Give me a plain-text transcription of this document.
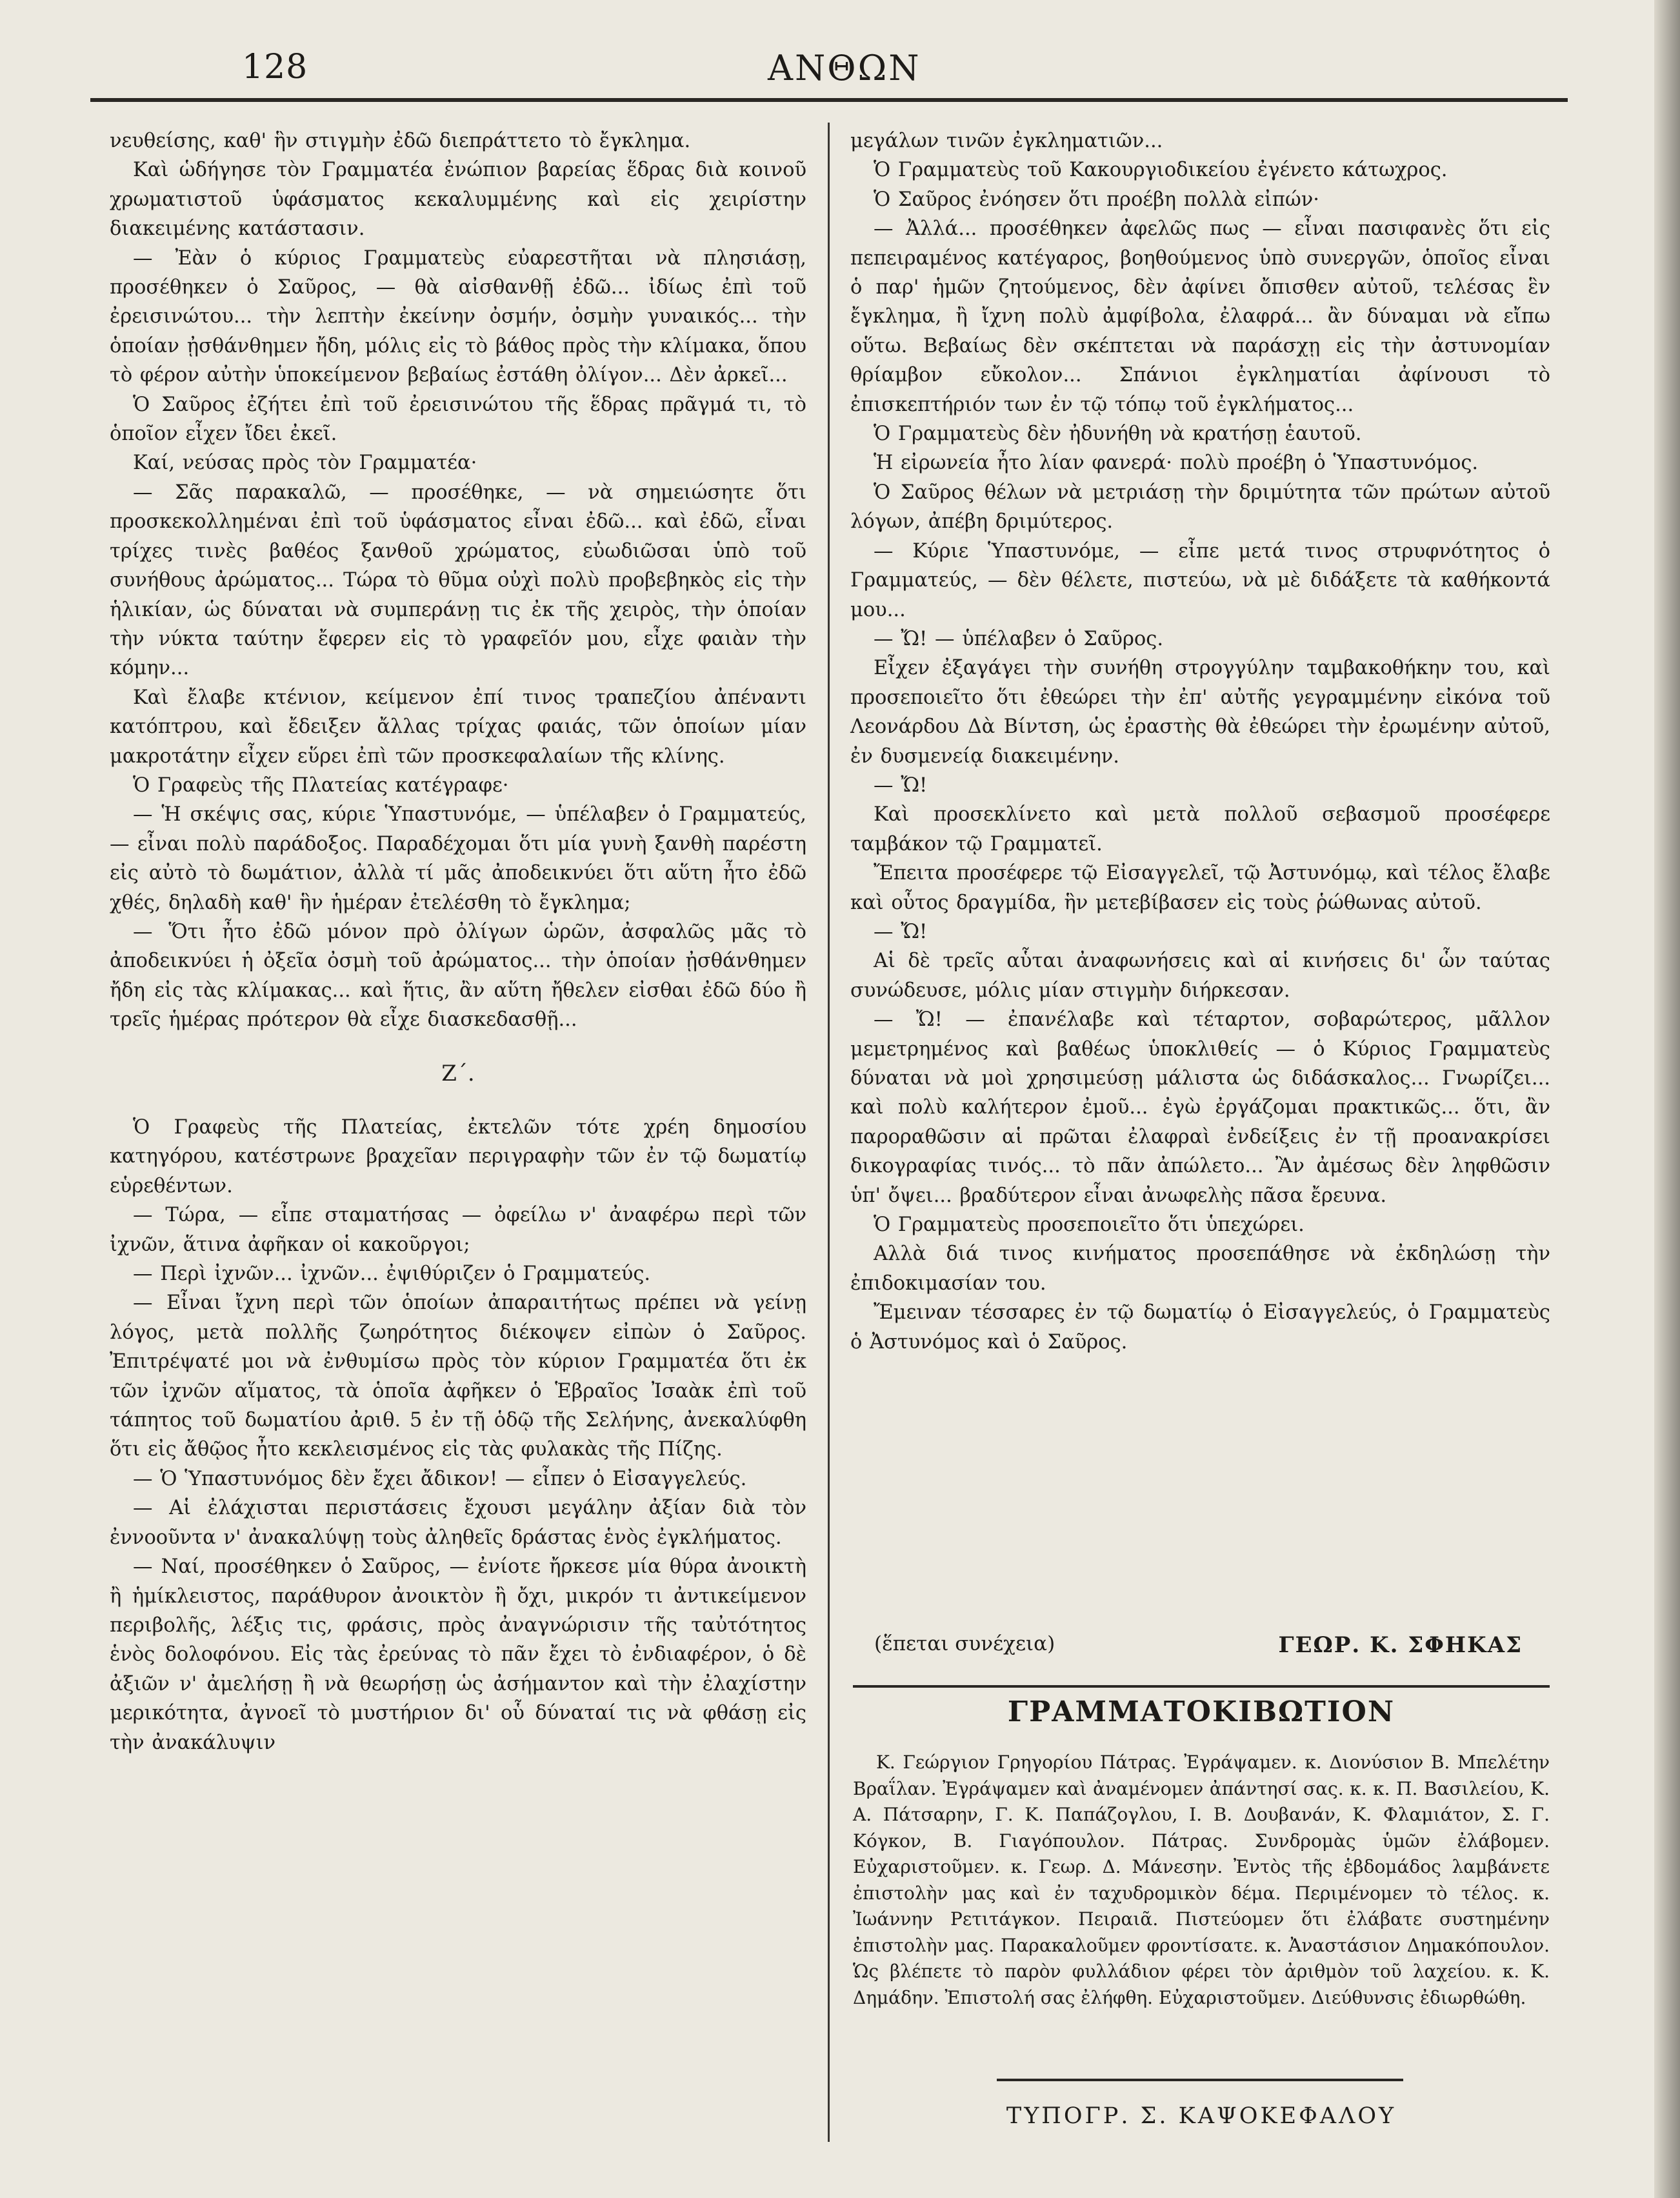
128	ΑΝΘΩΝ

νευθείσης, καθ' ἣν στιγμὴν ἐδῶ διεπράττετο τὸ ἔγκλημα.

Καὶ ὡδήγησε τὸν Γραμματέα ἐνώπιον βαρείας ἕδρας διὰ κοινοῦ χρωματιστοῦ ὑφάσματος κεκαλυμμένης καὶ εἰς χειρίστην διακειμένης κατάστασιν.

— Ἐὰν ὁ κύριος Γραμματεὺς εὐαρεστῆται νὰ πλησιάσῃ, προσέθηκεν ὁ Σαῦρος, — θὰ αἰσθανθῇ ἐδῶ... ἰδίως ἐπὶ τοῦ ἐρεισινώτου... τὴν λεπτὴν ἐκείνην ὀσμήν, ὀσμὴν γυναικός... τὴν ὁποίαν ᾐσθάνθημεν ἤδη, μόλις εἰς τὸ βάθος πρὸς τὴν κλίμακα, ὅπου τὸ φέρον αὐτὴν ὑποκείμενον βεβαίως ἐστάθη ὀλίγον... Δὲν ἀρκεῖ...

Ὁ Σαῦρος ἐζήτει ἐπὶ τοῦ ἐρεισινώτου τῆς ἕδρας πρᾶγμά τι, τὸ ὁποῖον εἶχεν ἴδει ἐκεῖ.

Καί, νεύσας πρὸς τὸν Γραμματέα·

— Σᾶς παρακαλῶ, — προσέθηκε, — νὰ σημειώσητε ὅτι προσκεκολλημέναι ἐπὶ τοῦ ὑφάσματος εἶναι ἐδῶ... καὶ ἐδῶ, εἶναι τρίχες τινὲς βαθέος ξανθοῦ χρώματος, εὐωδιῶσαι ὑπὸ τοῦ συνήθους ἀρώματος... Τώρα τὸ θῦμα οὐχὶ πολὺ προβεβηκὸς εἰς τὴν ἡλικίαν, ὡς δύναται νὰ συμπεράνῃ τις ἐκ τῆς χειρὸς, τὴν ὁποίαν τὴν νύκτα ταύτην ἔφερεν εἰς τὸ γραφεῖόν μου, εἶχε φαιὰν τὴν κόμην...

Καὶ ἔλαβε κτένιον, κείμενον ἐπί τινος τραπεζίου ἀπέναντι κατόπτρου, καὶ ἔδειξεν ἄλλας τρίχας φαιάς, τῶν ὁποίων μίαν μακροτάτην εἶχεν εὕρει ἐπὶ τῶν προσκεφαλαίων τῆς κλίνης.

Ὁ Γραφεὺς τῆς Πλατείας κατέγραφε·

— Ἡ σκέψις σας, κύριε Ὑπαστυνόμε, — ὑπέλαβεν ὁ Γραμματεύς, — εἶναι πολὺ παράδοξος. Παραδέχομαι ὅτι μία γυνὴ ξανθὴ παρέστη εἰς αὐτὸ τὸ δωμάτιον, ἀλλὰ τί μᾶς ἀποδεικνύει ὅτι αὕτη ἦτο ἐδῶ χθές, δηλαδὴ καθ' ἣν ἡμέραν ἐτελέσθη τὸ ἔγκλημα;

— Ὅτι ἦτο ἐδῶ μόνον πρὸ ὀλίγων ὡρῶν, ἀσφαλῶς μᾶς τὸ ἀποδεικνύει ἡ ὀξεῖα ὀσμὴ τοῦ ἀρώματος... τὴν ὁποίαν ᾐσθάνθημεν ἤδη εἰς τὰς κλίμακας... καὶ ἥτις, ἂν αὕτη ἤθελεν εἰσθαι ἐδῶ δύο ἢ τρεῖς ἡμέρας πρότερον θὰ εἶχε διασκεδασθῇ...

Ζ΄.

Ὁ Γραφεὺς τῆς Πλατείας, ἐκτελῶν τότε χρέη δημοσίου κατηγόρου, κατέστρωνε βραχεῖαν περιγραφὴν τῶν ἐν τῷ δωματίῳ εὑρεθέντων.

— Τώρα, — εἶπε σταματήσας — ὀφείλω ν' ἀναφέρω περὶ τῶν ἰχνῶν, ἅτινα ἀφῆκαν οἱ κακοῦργοι;

— Περὶ ἰχνῶν... ἰχνῶν... ἐψιθύριζεν ὁ Γραμματεύς.

— Εἶναι ἴχνη περὶ τῶν ὁποίων ἀπαραιτήτως πρέπει νὰ γείνῃ λόγος, μετὰ πολλῆς ζωηρότητος διέκοψεν εἰπὼν ὁ Σαῦρος. Ἐπιτρέψατέ μοι νὰ ἐνθυμίσω πρὸς τὸν κύριον Γραμματέα ὅτι ἐκ τῶν ἰχνῶν αἵματος, τὰ ὁποῖα ἀφῆκεν ὁ Ἑβραῖος Ἰσαὰκ ἐπὶ τοῦ τάπητος τοῦ δωματίου ἀριθ. 5 ἐν τῇ ὁδῷ τῆς Σελήνης, ἀνεκαλύφθη ὅτι εἰς ἄθῷος ἦτο κεκλεισμένος εἰς τὰς φυλακὰς τῆς Πίζης.

— Ὁ Ὑπαστυνόμος δὲν ἔχει ἄδικον! — εἶπεν ὁ Εἰσαγγελεύς.

— Αἱ ἐλάχισται περιστάσεις ἔχουσι μεγάλην ἀξίαν διὰ τὸν ἐννοοῦντα ν' ἀνακαλύψῃ τοὺς ἀληθεῖς δράστας ἑνὸς ἐγκλήματος.

— Ναί, προσέθηκεν ὁ Σαῦρος, — ἐνίοτε ἤρκεσε μία θύρα ἀνοικτὴ ἢ ἡμίκλειστος, παράθυρον ἀνοικτὸν ἢ ὄχι, μικρόν τι ἀντικείμενον περιβολῆς, λέξις τις, φράσις, πρὸς ἀναγνώρισιν τῆς ταὐτότητος ἑνὸς δολοφόνου. Εἰς τὰς ἐρεύνας τὸ πᾶν ἔχει τὸ ἐνδιαφέρον, ὁ δὲ ἀξιῶν ν' ἀμελήσῃ ἢ νὰ θεωρήσῃ ὡς ἀσήμαντον καὶ τὴν ἐλαχίστην μερικότητα, ἀγνοεῖ τὸ μυστήριον δι' οὗ δύναταί τις νὰ φθάσῃ εἰς τὴν ἀνακάλυψιν

μεγάλων τινῶν ἐγκληματιῶν...

Ὁ Γραμματεὺς τοῦ Κακουργιοδικείου ἐγένετο κάτωχρος.

Ὁ Σαῦρος ἐνόησεν ὅτι προέβη πολλὰ εἰπών·

— Ἀλλά... προσέθηκεν ἀφελῶς πως — εἶναι πασιφανὲς ὅτι εἰς πεπειραμένος κατέγαρος, βοηθούμενος ὑπὸ συνεργῶν, ὁποῖος εἶναι ὁ παρ' ἡμῶν ζητούμενος, δὲν ἀφίνει ὄπισθεν αὐτοῦ, τελέσας ἓν ἔγκλημα, ἢ ἴχνη πολὺ ἀμφίβολα, ἐλαφρά... ἂν δύναμαι νὰ εἴπω οὕτω. Βεβαίως δὲν σκέπτεται νὰ παράσχῃ εἰς τὴν ἀστυνομίαν θρίαμβον εὔκολον... Σπάνιοι ἐγκληματίαι ἀφίνουσι τὸ ἐπισκεπτήριόν των ἐν τῷ τόπῳ τοῦ ἐγκλήματος...

Ὁ Γραμματεὺς δὲν ἠδυνήθη νὰ κρατήσῃ ἑαυτοῦ.

Ἡ εἰρωνεία ἦτο λίαν φανερά· πολὺ προέβη ὁ Ὑπαστυνόμος.

Ὁ Σαῦρος θέλων νὰ μετριάσῃ τὴν δριμύτητα τῶν πρώτων αὐτοῦ λόγων, ἀπέβη δριμύτερος.

— Κύριε Ὑπαστυνόμε, — εἶπε μετά τινος στρυφνότητος ὁ Γραμματεύς, — δὲν θέλετε, πιστεύω, νὰ μὲ διδάξετε τὰ καθήκοντά μου...

— Ὤ! — ὑπέλαβεν ὁ Σαῦρος.

Εἶχεν ἐξαγάγει τὴν συνήθη στρογγύλην ταμβακοθήκην του, καὶ προσεποιεῖτο ὅτι ἐθεώρει τὴν ἐπ' αὐτῆς γεγραμμένην εἰκόνα τοῦ Λεονάρδου Δὰ Βίντση, ὡς ἐραστὴς θὰ ἐθεώρει τὴν ἐρωμένην αὐτοῦ, ἐν δυσμενείᾳ διακειμένην.

— Ὤ!

Καὶ προσεκλίνετο καὶ μετὰ πολλοῦ σεβασμοῦ προσέφερε ταμβάκον τῷ Γραμματεῖ.

Ἔπειτα προσέφερε τῷ Εἰσαγγελεῖ, τῷ Ἀστυνόμῳ, καὶ τέλος ἔλαβε καὶ οὗτος δραγμίδα, ἣν μετεβίβασεν εἰς τοὺς ῥώθωνας αὐτοῦ.

— Ὤ!

Αἱ δὲ τρεῖς αὗται ἀναφωνήσεις καὶ αἱ κινήσεις δι' ὧν ταύτας συνώδευσε, μόλις μίαν στιγμὴν διήρκεσαν.

— Ὤ! — ἐπανέλαβε καὶ τέταρτον, σοβαρώτερος, μᾶλλον μεμετρημένος καὶ βαθέως ὑποκλιθείς — ὁ Κύριος Γραμματεὺς δύναται νὰ μοὶ χρησιμεύσῃ μάλιστα ὡς διδάσκαλος... Γνωρίζει... καὶ πολὺ καλήτερον ἐμοῦ... ἐγὼ ἐργάζομαι πρακτικῶς... ὅτι, ἂν παροραθῶσιν αἱ πρῶται ἐλαφραὶ ἐνδείξεις ἐν τῇ προανακρίσει δικογραφίας τινός... τὸ πᾶν ἀπώλετο... Ἂν ἀμέσως δὲν ληφθῶσιν ὑπ' ὄψει... βραδύτερον εἶναι ἀνωφελὴς πᾶσα ἔρευνα.

Ὁ Γραμματεὺς προσεποιεῖτο ὅτι ὑπεχώρει.

Αλλὰ διά τινος κινήματος προσεπάθησε νὰ ἐκδηλώσῃ τὴν ἐπιδοκιμασίαν του.

Ἔμειναν τέσσαρες ἐν τῷ δωματίῳ ὁ Εἰσαγγελεύς, ὁ Γραμματεὺς ὁ Ἀστυνόμος καὶ ὁ Σαῦρος.

(ἕπεται συνέχεια)	ΓΕΩΡ. Κ. ΣΦΗΚΑΣ
ΓΡΑΜΜΑΤΟΚΙΒΩΤΙΟΝ

Κ. Γεώργιον Γρηγορίου Πάτρας. Ἐγράψαμεν. κ. Διονύσιον Β. Μπελέτην Βραΐλαν. Ἐγράψαμεν καὶ ἀναμένομεν ἀπάντησί σας. κ. κ. Π. Βασιλείου, Κ. Α. Πάτσαρην, Γ. Κ. Παπάζογλου, Ι. Β. Δουβανάν, Κ. Φλαμιάτον, Σ. Γ. Κόγκον, Β. Γιαγόπουλον. Πάτρας. Συνδρομὰς ὑμῶν ἐλάβομεν. Εὐχαριστοῦμεν. κ. Γεωρ. Δ. Μάνεσην. Ἐντὸς τῆς ἑβδομάδος λαμβάνετε ἐπιστολὴν μας καὶ ἐν ταχυδρομικὸν δέμα. Περιμένομεν τὸ τέλος. κ. Ἰωάννην Ρετιτάγκον. Πειραιᾶ. Πιστεύομεν ὅτι ἐλάβατε συστημένην ἐπιστολὴν μας. Παρακαλοῦμεν φροντίσατε. κ. Ἀναστάσιον Δημακόπουλον. Ὡς βλέπετε τὸ παρὸν φυλλάδιον φέρει τὸν ἀριθμὸν τοῦ λαχείου. κ. Κ. Δημάδην. Ἐπιστολή σας ἐλήφθη. Εὐχαριστοῦμεν. Διεύθυνσις ἐδιωρθώθη.

ΤΥΠΟΓΡ. Σ. ΚΑΨΟΚΕΦΑΛΟΥ
